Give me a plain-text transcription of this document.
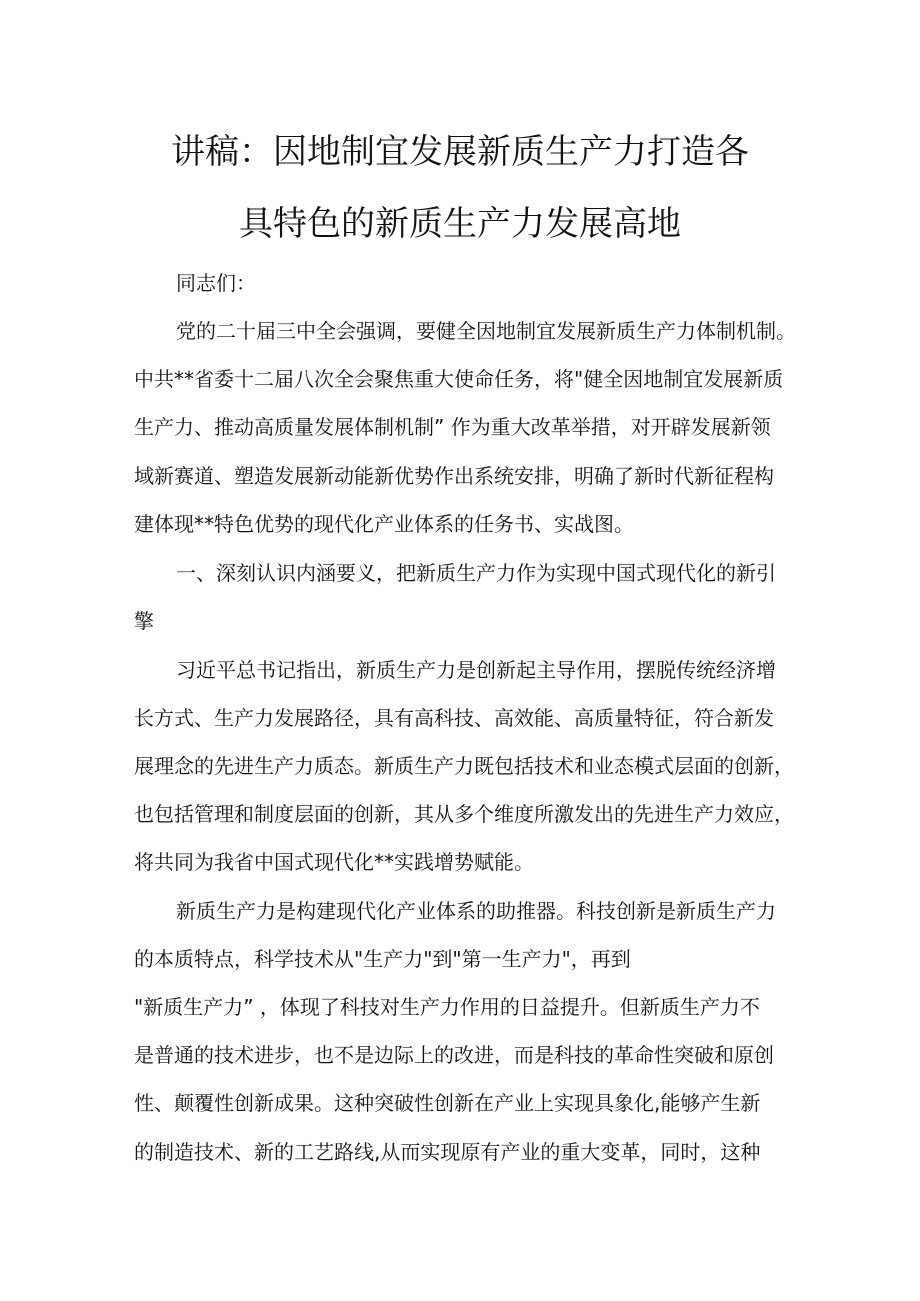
讲稿：因地制宜发展新质生产力打造各
具特色的新质生产力发展高地
同志们：
党的二十届三中全会强调，要健全因地制宜发展新质生产力体制机制。
中共**省委十二届八次全会聚焦重大使命任务，将"健全因地制宜发展新质
生产力、推动高质量发展体制机制” 作为重大改革举措，对开辟发展新领
域新赛道、塑造发展新动能新优势作出系统安排，明确了新时代新征程构
建体现**特色优势的现代化产业体系的任务书、实战图。
一、深刻认识内涵要义，把新质生产力作为实现中国式现代化的新引
擎
习近平总书记指出，新质生产力是创新起主导作用，摆脱传统经济增
长方式、生产力发展路径，具有高科技、高效能、高质量特征，符合新发
展理念的先进生产力质态。新质生产力既包括技术和业态模式层面的创新，
也包括管理和制度层面的创新，其从多个维度所激发出的先进生产力效应，
将共同为我省中国式现代化**实践增势赋能。
新质生产力是构建现代化产业体系的助推器。科技创新是新质生产力
的本质特点，科学技术从"生产力"到"第一生产力"，再到
"新质生产力” ，体现了科技对生产力作用的日益提升。但新质生产力不
是普通的技术进步，也不是边际上的改进，而是科技的革命性突破和原创
性、颠覆性创新成果。这种突破性创新在产业上实现具象化,能够产生新
的制造技术、新的工艺路线,从而实现原有产业的重大变革，同时，这种
